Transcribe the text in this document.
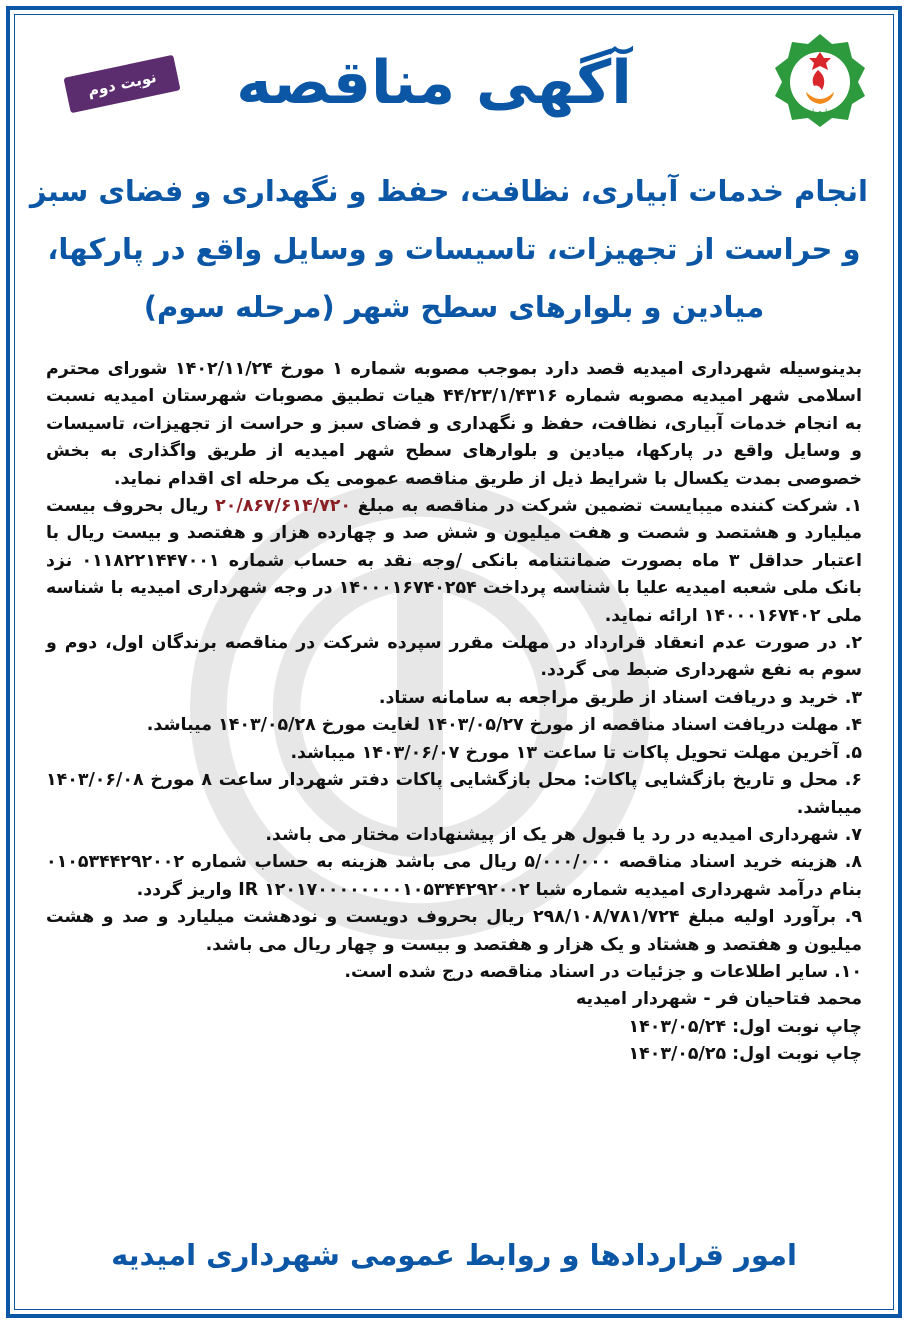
شهرداری امیدیه
آگهی مناقصه
نوبت دوم
انجام خدمات آبیاری، نظافت، حفظ و نگهداری و فضای سبز
و حراست از تجهیزات، تاسیسات و وسایل واقع در پارکها،
میادین و بلوارهای سطح شهر (مرحله سوم)

بدینوسیله شهرداری امیدیه قصد دارد بموجب مصوبه شماره ۱ مورخ ۱۴۰۲/۱۱/۲۴ شورای محترم اسلامی شهر امیدیه مصوبه شماره ۴۴/۲۳/۱/۴۳۱۶ هیات تطبیق مصوبات شهرستان امیدیه نسبت به انجام خدمات آبیاری، نظافت، حفظ و نگهداری و فضای سبز و حراست از تجهیزات، تاسیسات و وسایل واقع در پارکها، میادین و بلوارهای سطح شهر امیدیه از طریق واگذاری به بخش خصوصی بمدت یکسال با شرایط ذیل از طریق مناقصه عمومی یک مرحله ای اقدام نماید.

۱. شرکت کننده میبایست تضمین شرکت در مناقصه به مبلغ ۲۰/۸۶۷/۶۱۴/۷۲۰ ریال بحروف بیست میلیارد و هشتصد و شصت و هفت میلیون و شش صد و چهارده هزار و هفتصد و بیست ریال با اعتبار حداقل ۳ ماه بصورت ضمانتنامه بانکی /وجه نقد به حساب شماره ۰۱۱۸۲۲۱۴۴۷۰۰۱ نزد بانک ملی شعبه امیدیه علیا با شناسه پرداخت ۱۴۰۰۰۱۶۷۴۰۲۵۴ در وجه شهرداری امیدیه با شناسه ملی ۱۴۰۰۰۱۶۷۴۰۲ ارائه نماید.

۲. در صورت عدم انعقاد قرارداد در مهلت مقرر سپرده شرکت در مناقصه برندگان اول، دوم و سوم به نفع شهرداری ضبط می گردد.

۳. خرید و دریافت اسناد از طریق مراجعه به سامانه ستاد.

۴. مهلت دریافت اسناد مناقصه از مورخ ۱۴۰۳/۰۵/۲۷ لغایت مورخ ۱۴۰۳/۰۵/۲۸ میباشد.

۵. آخرین مهلت تحویل پاکات تا ساعت ۱۳ مورخ ۱۴۰۳/۰۶/۰۷ میباشد.

۶. محل و تاریخ بازگشایی پاکات: محل بازگشایی پاکات دفتر شهردار ساعت ۸ مورخ ۱۴۰۳/۰۶/۰۸ میباشد.

۷. شهرداری امیدیه در رد یا قبول هر یک از پیشنهادات مختار می باشد.

۸. هزینه خرید اسناد مناقصه ۵/۰۰۰/۰۰۰ ریال می باشد هزینه به حساب شماره ۰۱۰۵۳۴۴۲۹۲۰۰۲ بنام درآمد شهرداری امیدیه شماره شبا IR ۱۲۰۱۷۰۰۰۰۰۰۰۰۱۰۵۳۴۴۲۹۲۰۰۲ واریز گردد.

۹. برآورد اولیه مبلغ ۲۹۸/۱۰۸/۷۸۱/۷۲۴ ریال بحروف دویست و نودهشت میلیارد و صد و هشت میلیون و هفتصد و هشتاد و یک هزار و هفتصد و بیست و چهار ریال می باشد.

۱۰. سایر اطلاعات و جزئیات در اسناد مناقصه درج شده است.

محمد فتاحیان فر - شهردار امیدیه

چاپ نوبت اول: ۱۴۰۳/۰۵/۲۴

چاپ نوبت اول: ۱۴۰۳/۰۵/۲۵

امور قراردادها و روابط عمومی شهرداری امیدیه
